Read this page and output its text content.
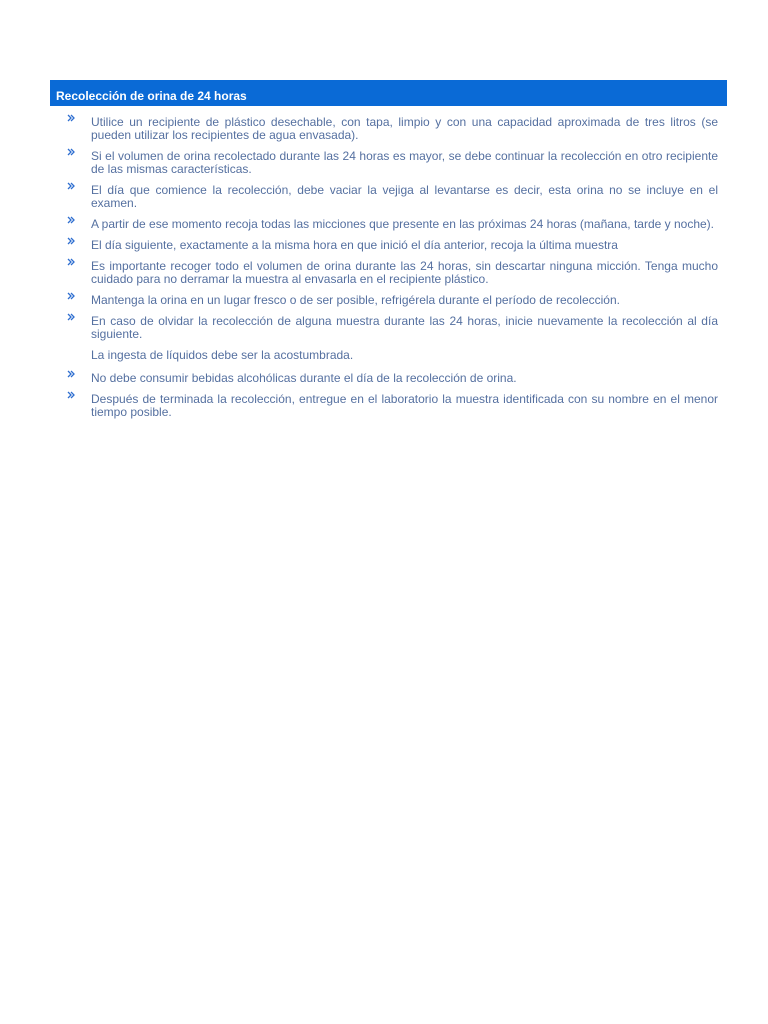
Recolección de orina de 24 horas
Utilice un recipiente de plástico desechable, con tapa, limpio y con una capacidad aproximada de tres litros (se pueden utilizar los recipientes de agua envasada).
Si el volumen de orina recolectado durante las 24 horas es mayor, se debe continuar la recolección en otro recipiente de las mismas características.
El día que comience la recolección, debe vaciar la vejiga al levantarse es decir, esta orina no se incluye en el examen.
A partir de ese momento recoja todas las micciones que presente en las próximas 24 horas (mañana, tarde y noche).
El día siguiente, exactamente a la misma hora en que inició el día anterior, recoja la última muestra
Es importante recoger todo el volumen de orina durante las 24 horas, sin descartar ninguna micción. Tenga mucho cuidado para no derramar la muestra al envasarla en el recipiente plástico.
Mantenga la orina en un lugar fresco o de ser posible, refrigérela durante el período de recolección.
En caso de olvidar la recolección de alguna muestra durante las 24 horas, inicie nuevamente la recolección al día siguiente.
La ingesta de líquidos debe ser la acostumbrada.
No debe consumir bebidas alcohólicas durante el día de la recolección de orina.
Después de terminada la recolección, entregue en el laboratorio la muestra identificada con su nombre en el menor tiempo posible.
